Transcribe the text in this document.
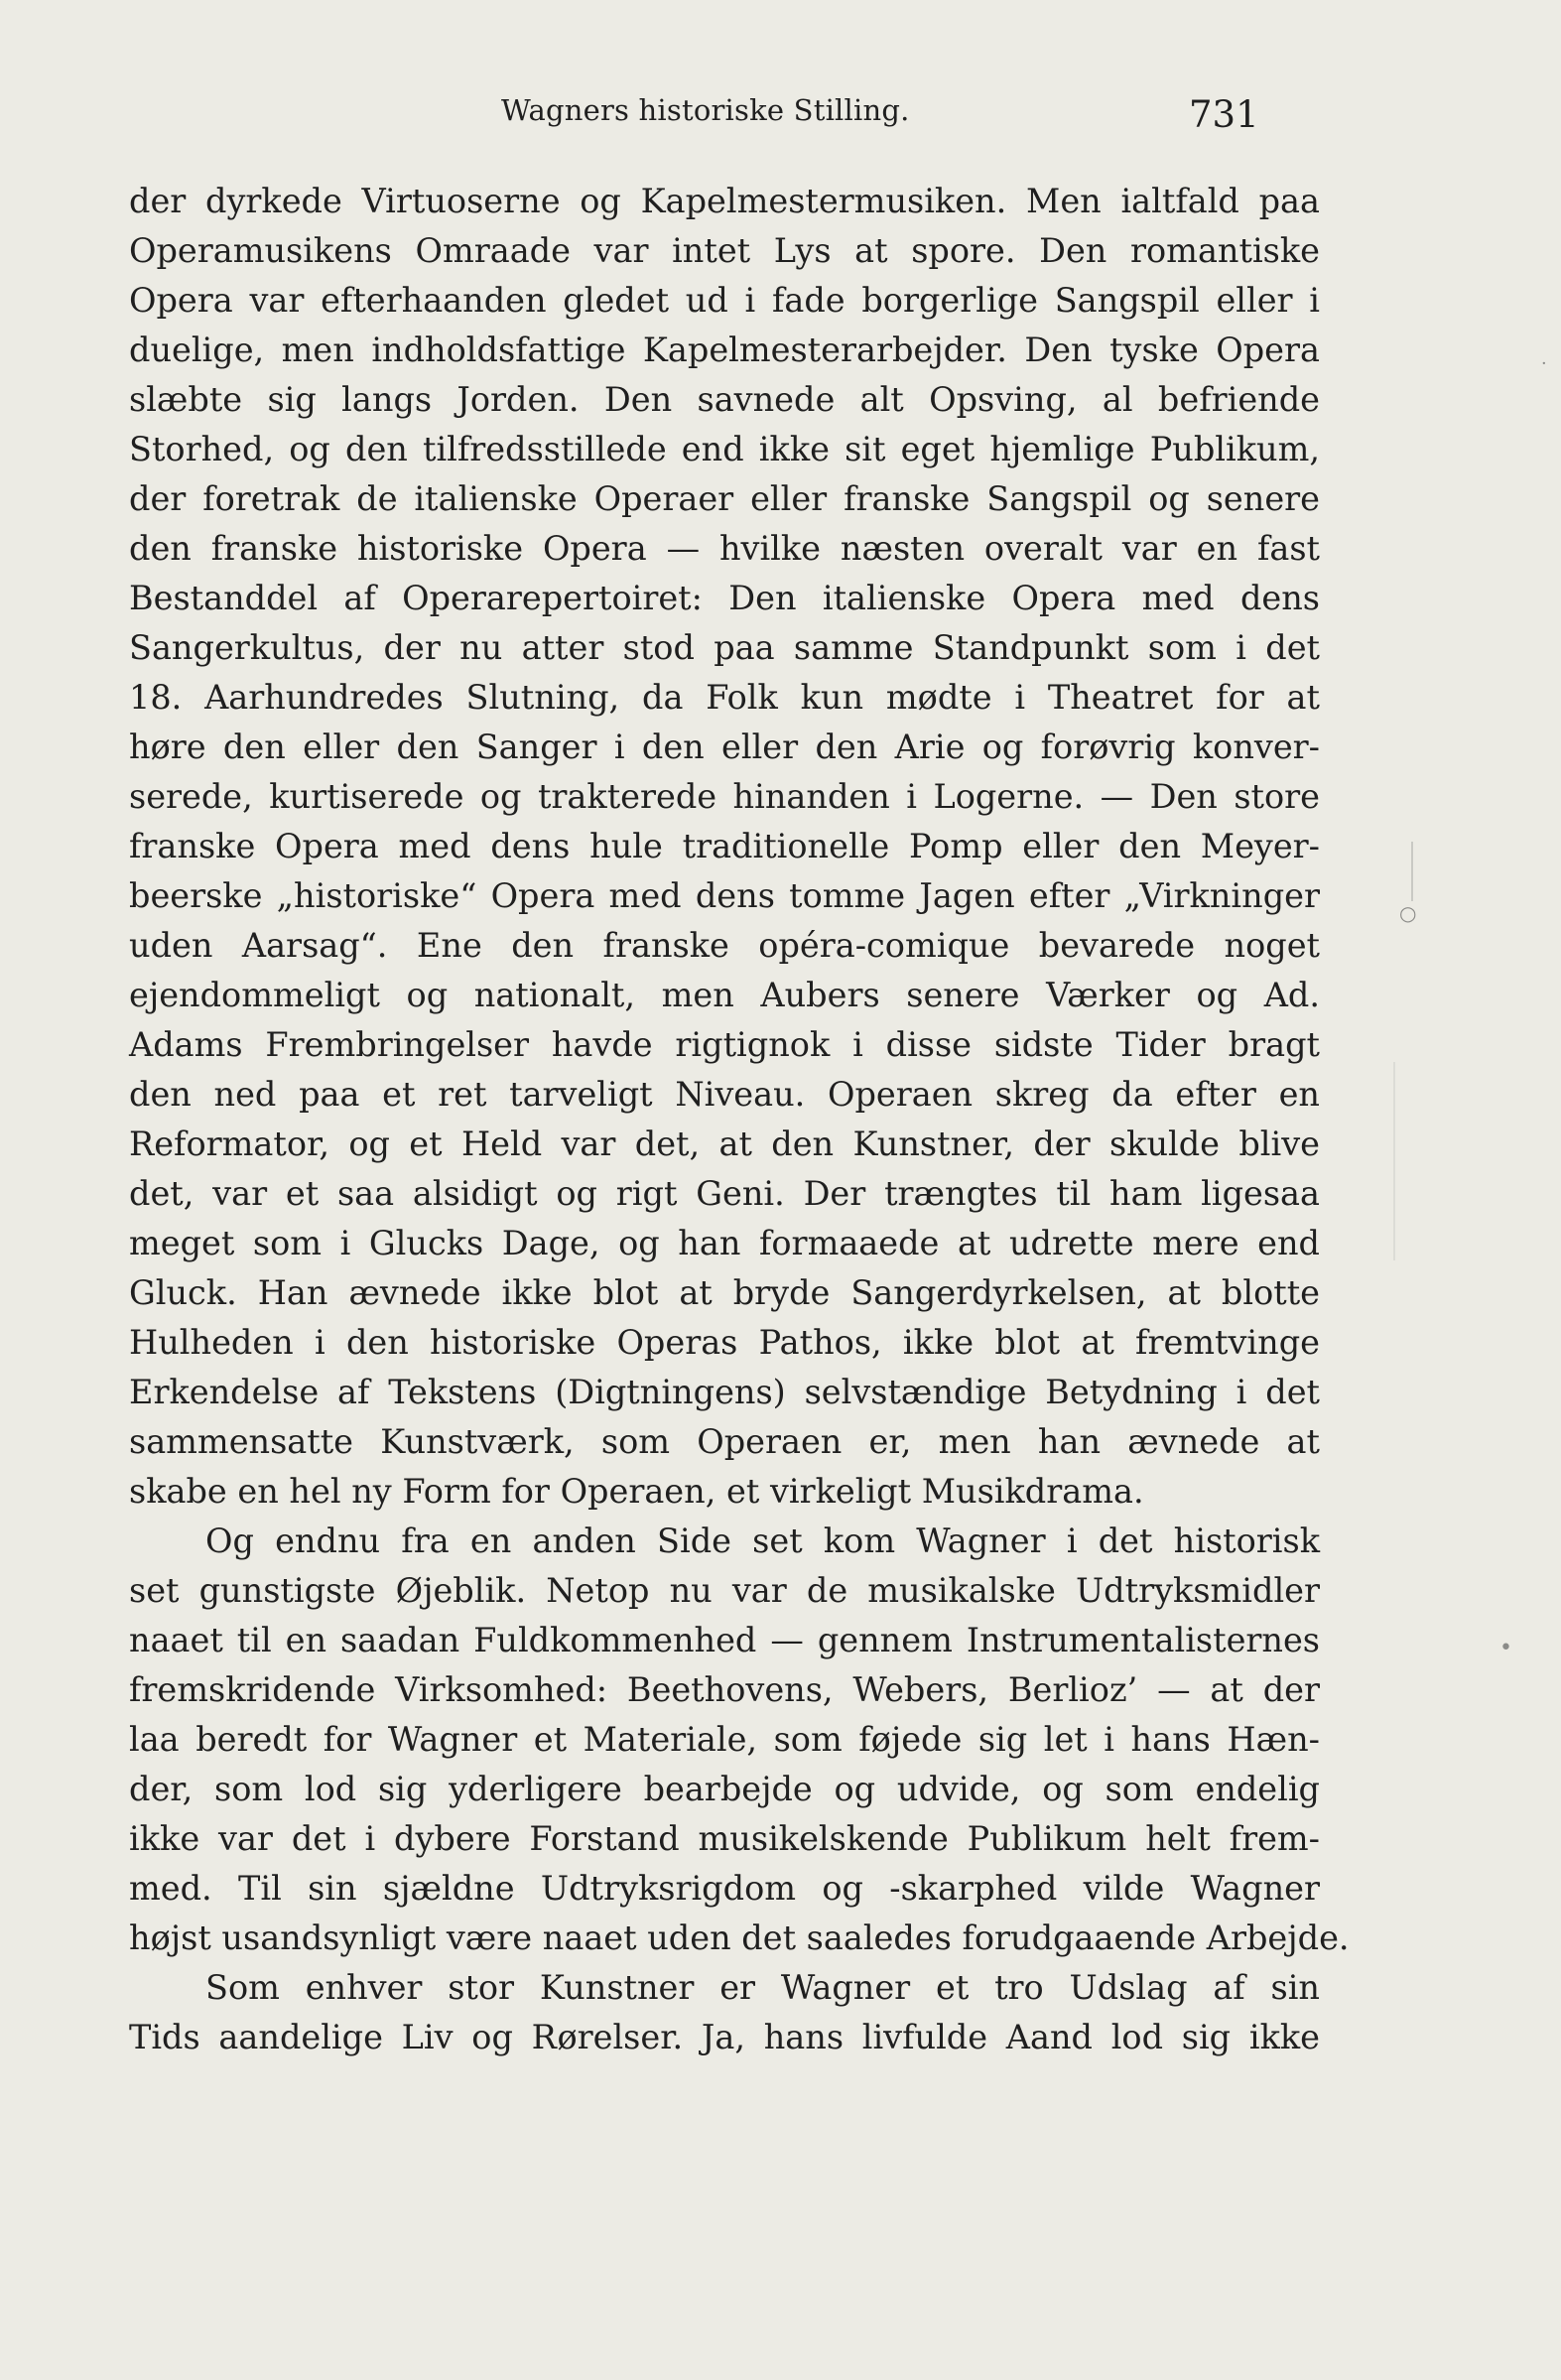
Wagners historiske Stilling.	731
der dyrkede Virtuoserne og Kapelmestermusiken. Men ialtfald paa
Operamusikens Omraade var intet Lys at spore. Den romantiske
Opera var efterhaanden gledet ud i fade borgerlige Sangspil eller i
duelige, men indholdsfattige Kapelmesterarbejder. Den tyske Opera
slæbte sig langs Jorden. Den savnede alt Opsving, al befriende
Storhed, og den tilfredsstillede end ikke sit eget hjemlige Publikum,
der foretrak de italienske Operaer eller franske Sangspil og senere
den franske historiske Opera — hvilke næsten overalt var en fast
Bestanddel af Operarepertoiret: Den italienske Opera med dens
Sangerkultus, der nu atter stod paa samme Standpunkt som i det
18. Aarhundredes Slutning, da Folk kun mødte i Theatret for at
høre den eller den Sanger i den eller den Arie og forøvrig konver-
serede, kurtiserede og trakterede hinanden i Logerne. — Den store
franske Opera med dens hule traditionelle Pomp eller den Meyer-
beerske „historiske“ Opera med dens tomme Jagen efter „Virkninger
uden Aarsag“. Ene den franske opéra-comique bevarede noget
ejendommeligt og nationalt, men Aubers senere Værker og Ad.
Adams Frembringelser havde rigtignok i disse sidste Tider bragt
den ned paa et ret tarveligt Niveau. Operaen skreg da efter en
Reformator, og et Held var det, at den Kunstner, der skulde blive
det, var et saa alsidigt og rigt Geni. Der trængtes til ham ligesaa
meget som i Glucks Dage, og han formaaede at udrette mere end
Gluck. Han ævnede ikke blot at bryde Sangerdyrkelsen, at blotte
Hulheden i den historiske Operas Pathos, ikke blot at fremtvinge
Erkendelse af Tekstens (Digtningens) selvstændige Betydning i det
sammensatte Kunstværk, som Operaen er, men han ævnede at
skabe en hel ny Form for Operaen, et virkeligt Musikdrama.
Og endnu fra en anden Side set kom Wagner i det historisk
set gunstigste Øjeblik. Netop nu var de musikalske Udtryksmidler
naaet til en saadan Fuldkommenhed — gennem Instrumentalisternes
fremskridende Virksomhed: Beethovens, Webers, Berlioz’ — at der
laa beredt for Wagner et Materiale, som føjede sig let i hans Hæn-
der, som lod sig yderligere bearbejde og udvide, og som endelig
ikke var det i dybere Forstand musikelskende Publikum helt frem-
med. Til sin sjældne Udtryksrigdom og -skarphed vilde Wagner
højst usandsynligt være naaet uden det saaledes forudgaaende Arbejde.
Som enhver stor Kunstner er Wagner et tro Udslag af sin
Tids aandelige Liv og Rørelser. Ja, hans livfulde Aand lod sig ikke
○
•
·
